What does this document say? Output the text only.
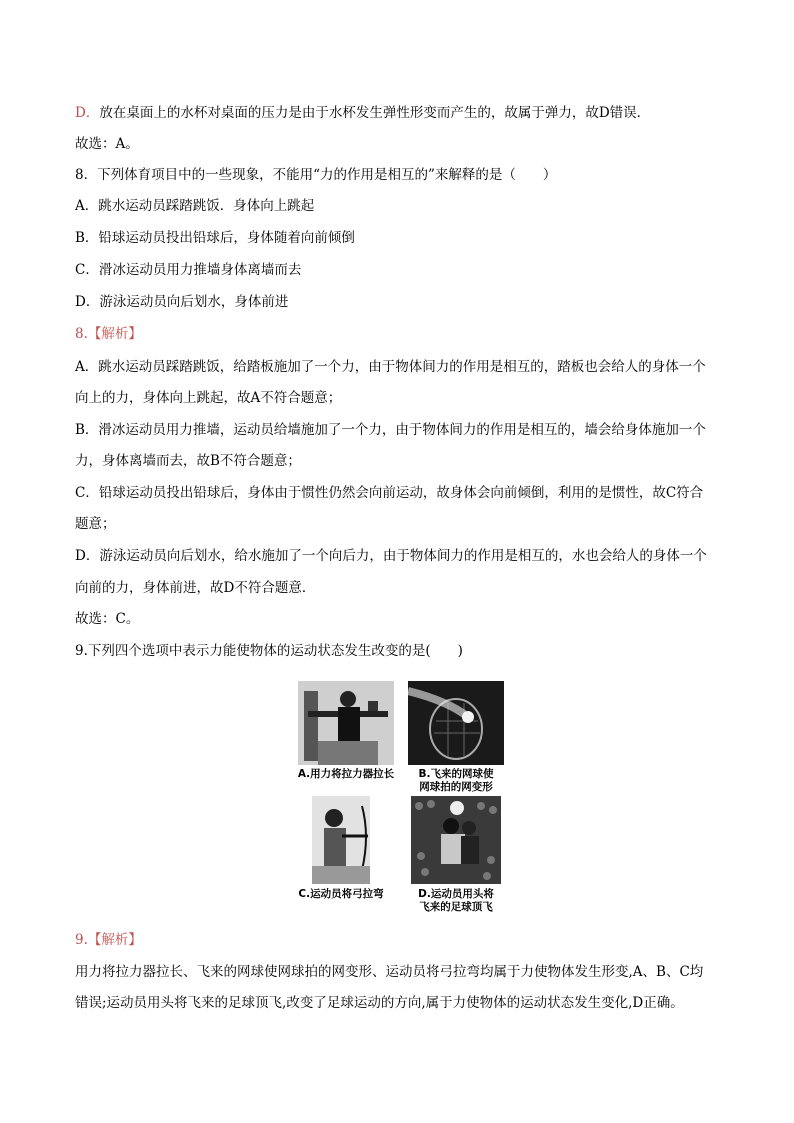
D．放在桌面上的水杯对桌面的压力是由于水杯发生弹性形变而产生的，故属于弹力，故D错误．
故选：A。
8．下列体育项目中的一些现象，不能用“力的作用是相互的”来解释的是（　　）
A．跳水运动员踩踏跳饭．身体向上跳起
B．铅球运动员投出铅球后，身体随着向前倾倒
C．滑冰运动员用力推墙身体离墙而去
D．游泳运动员向后划水，身体前进
8.【解析】
A．跳水运动员踩踏跳饭，给踏板施加了一个力，由于物体间力的作用是相互的，踏板也会给人的身体一个
向上的力，身体向上跳起，故A不符合题意；
B．滑冰运动员用力推墙，运动员给墙施加了一个力，由于物体间力的作用是相互的，墙会给身体施加一个
力，身体离墙而去，故B不符合题意；
C．铅球运动员投出铅球后，身体由于惯性仍然会向前运动，故身体会向前倾倒，利用的是惯性，故C符合
题意；
D．游泳运动员向后划水，给水施加了一个向后力，由于物体间力的作用是相互的，水也会给人的身体一个
向前的力，身体前进，故D不符合题意．
故选：C。
9.下列四个选项中表示力能使物体的运动状态发生改变的是(　　)
A.用力将拉力器拉长	B.飞来的网球使
网球拍的网变形
C.运动员将弓拉弯	D.运动员用头将
飞来的足球顶飞
9.【解析】
用力将拉力器拉长、飞来的网球使网球拍的网变形、运动员将弓拉弯均属于力使物体发生形变,A、B、C均
错误;运动员用头将飞来的足球顶飞,改变了足球运动的方向,属于力使物体的运动状态发生变化,D正确。
